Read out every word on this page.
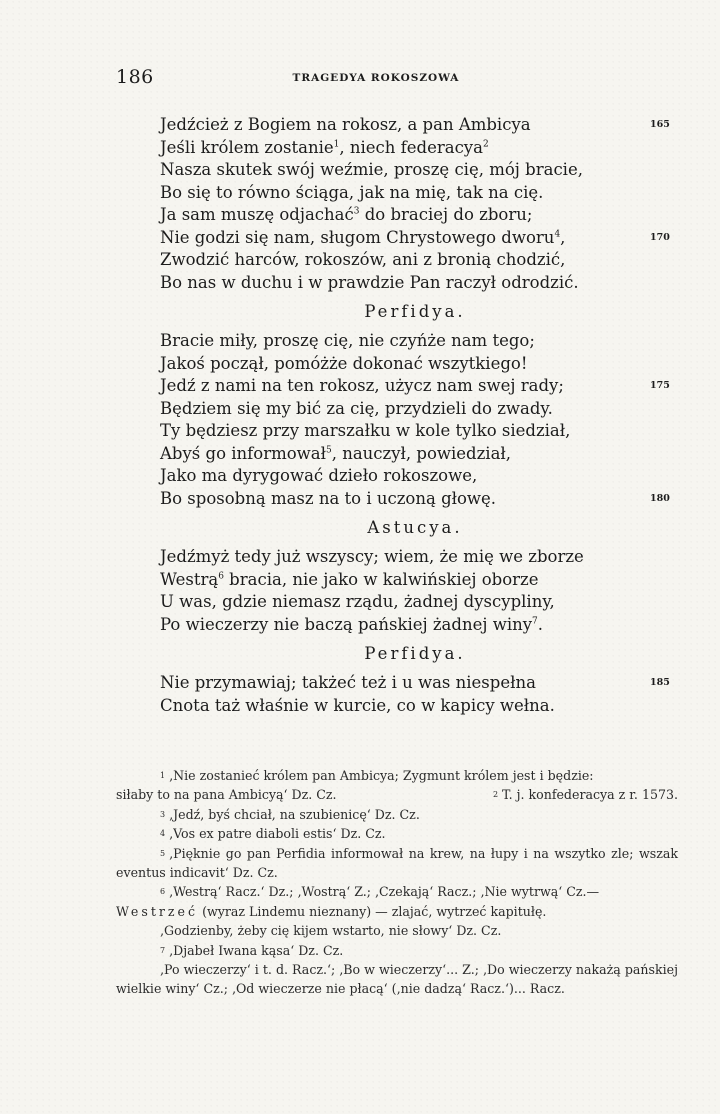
186	TRAGEDYA ROKOSZOWA
Jedźcież z Bogiem na rokosz, a pan Ambicya	165
Jeśli królem zostanie$^1$, niech federacya$^2$
Nasza skutek swój weźmie, proszę cię, mój bracie,
Bo się to równo ściąga, jak na mię, tak na cię.
Ja sam muszę odjachać$^3$ do braciej do zboru;
Nie godzi się nam, sługom Chrystowego dworu$^4$,	170
Zwodzić harców, rokoszów, ani z bronią chodzić,
Bo nas w duchu i w prawdzie Pan raczył odrodzić.
Perfidya.
Bracie miły, proszę cię, nie czyńże nam tego;
Jakoś począł, pomóżże dokonać wszytkiego!
Jedź z nami na ten rokosz, użycz nam swej rady;	175
Będziem się my bić za cię, przydzieli do zwady.
Ty będziesz przy marszałku w kole tylko siedział,
Abyś go informował$^5$, nauczył, powiedział,
Jako ma dyrygować dzieło rokoszowe,
Bo sposobną masz na to i uczoną głowę.	180
Astucya.
Jedźmyż tedy już wszyscy; wiem, że mię we zborze
Westrą$^6$ bracia, nie jako w kalwińskiej oborze
U was, gdzie niemasz rządu, żadnej dyscypliny,
Po wieczerzy nie baczą pańskiej żadnej winy$^7$.
Perfidya.
Nie przymawiaj; takżeć też i u was niespełna	185
Cnota taż właśnie w kurcie, co w kapicy wełna.
1 ‚Nie zostanieć królem pan Ambicya; Zygmunt królem jest i będzie:
siłaby to na pana Ambicyą‘ Dz. Cz.	2 T. j. konfederacya z r. 1573.
3 ‚Jedź, byś chciał, na szubienicę‘ Dz. Cz.
4 ‚Vos ex patre diaboli estis‘ Dz. Cz.
5 ‚Pięknie go pan Perfidia informował na krew, na łupy i na wszytko zle; wszak eventus indicavit‘ Dz. Cz.
6 ‚Westrą‘ Racz.‘ Dz.; ‚Wostrą‘ Z.; ‚Czekają‘ Racz.; ‚Nie wytrwą‘ Cz.—
Westrzeć (wyraz Lindemu nieznany) — zlajać, wytrzeć kapitułę.
‚Godzienby, żeby cię kijem wstarto, nie słowy‘ Dz. Cz.
7 ‚Djabeł Iwana kąsa‘ Dz. Cz.
‚Po wieczerzy‘ i t. d. Racz.‘; ‚Bo w wieczerzy‘... Z.; ‚Do wieczerzy nakażą pańskiej wielkie winy‘ Cz.; ‚Od wieczerze nie płacą‘ (‚nie dadzą‘ Racz.‘)... Racz.
